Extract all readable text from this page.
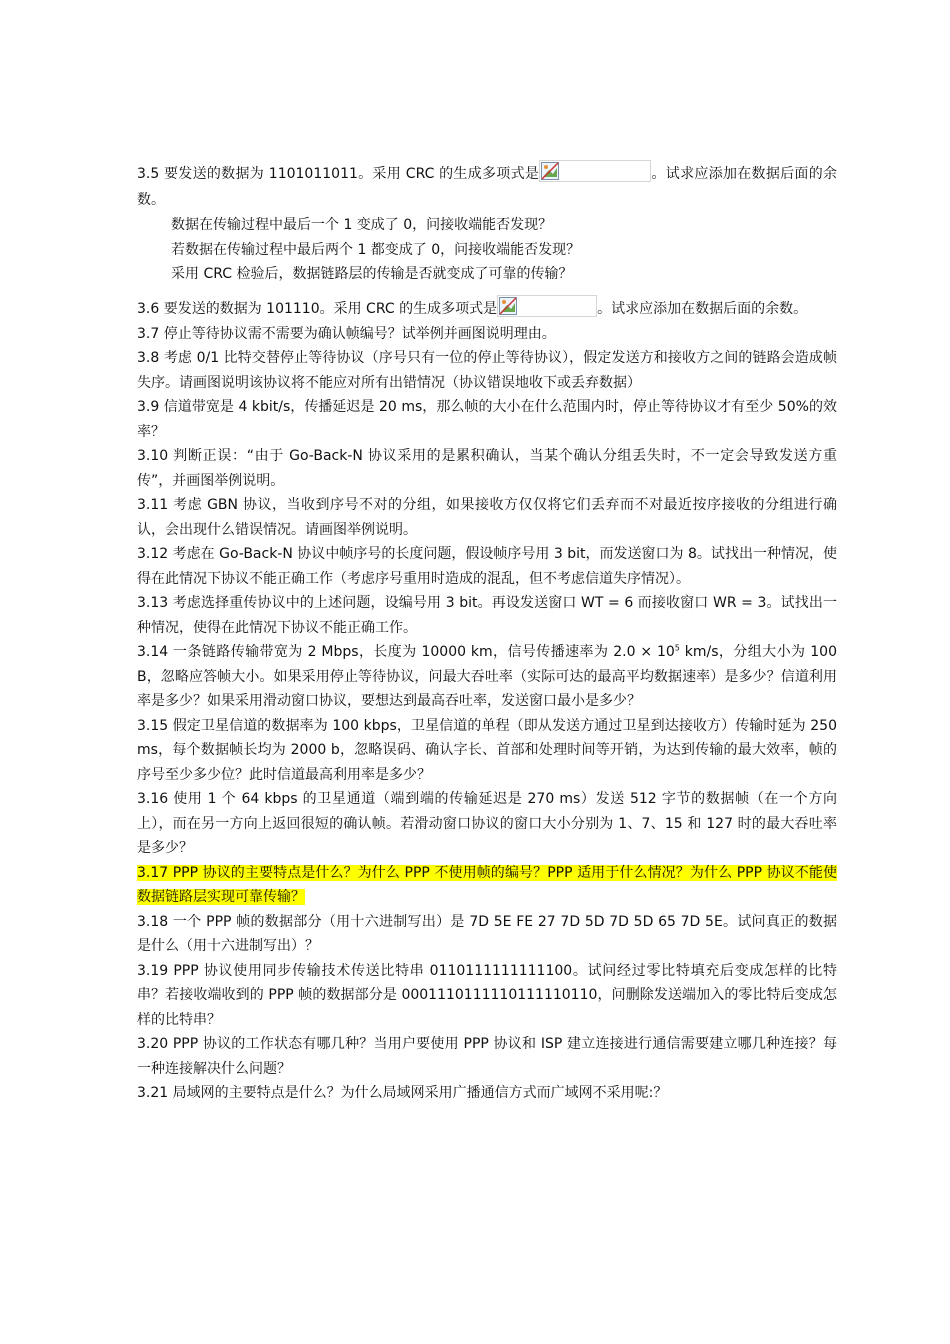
3.5 要发送的数据为 1101011011。采用 CRC 的生成多项式是	。试求应添加在数据后面的余数。

数据在传输过程中最后一个 1 变成了 0，问接收端能否发现？

若数据在传输过程中最后两个 1 都变成了 0，问接收端能否发现？

采用 CRC 检验后，数据链路层的传输是否就变成了可靠的传输？

3.6 要发送的数据为 101110。采用 CRC 的生成多项式是	。试求应添加在数据后面的余数。

3.7 停止等待协议需不需要为确认帧编号？试举例并画图说明理由。

3.8 考虑 0/1 比特交替停止等待协议（序号只有一位的停止等待协议），假定发送方和接收方之间的链路会造成帧失序。请画图说明该协议将不能应对所有出错情况（协议错误地收下或丢弃数据）

3.9 信道带宽是 4 kbit/s，传播延迟是 20 ms，那么帧的大小在什么范围内时，停止等待协议才有至少 50%的效率？

3.10 判断正误：“由于 Go-Back-N 协议采用的是累积确认，当某个确认分组丢失时，不一定会导致发送方重传”，并画图举例说明。

3.11 考虑 GBN 协议，当收到序号不对的分组，如果接收方仅仅将它们丢弃而不对最近按序接收的分组进行确认，会出现什么错误情况。请画图举例说明。

3.12 考虑在 Go-Back-N 协议中帧序号的长度问题，假设帧序号用 3 bit，而发送窗口为 8。试找出一种情况，使得在此情况下协议不能正确工作（考虑序号重用时造成的混乱，但不考虑信道失序情况）。

3.13 考虑选择重传协议中的上述问题，设编号用 3 bit。再设发送窗口 WT = 6 而接收窗口 WR = 3。试找出一种情况，使得在此情况下协议不能正确工作。

3.14 一条链路传输带宽为 2 Mbps，长度为 10000 km，信号传播速率为 $2.0 \times 10^5$ km/s，分组大小为 100 B，忽略应答帧大小。如果采用停止等待协议，问最大吞吐率（实际可达的最高平均数据速率）是多少？信道利用率是多少？如果采用滑动窗口协议，要想达到最高吞吐率，发送窗口最小是多少？

3.15 假定卫星信道的数据率为 100 kbps，卫星信道的单程（即从发送方通过卫星到达接收方）传输时延为 250 ms，每个数据帧长均为 2000 b，忽略误码、确认字长、首部和处理时间等开销，为达到传输的最大效率，帧的序号至少多少位？此时信道最高利用率是多少？

3.16 使用 1 个 64 kbps 的卫星通道（端到端的传输延迟是 270 ms）发送 512 字节的数据帧（在一个方向上），而在另一方向上返回很短的确认帧。若滑动窗口协议的窗口大小分别为 1、7、15 和 127 时的最大吞吐率是多少？

3.17 PPP 协议的主要特点是什么？为什么 PPP 不使用帧的编号？PPP 适用于什么情况？为什么 PPP 协议不能使数据链路层实现可靠传输？

3.18 一个 PPP 帧的数据部分（用十六进制写出）是 7D 5E FE 27 7D 5D 7D 5D 65 7D 5E。试问真正的数据是什么（用十六进制写出）？

3.19 PPP 协议使用同步传输技术传送比特串 0110111111111100。试问经过零比特填充后变成怎样的比特串？若接收端收到的 PPP 帧的数据部分是 0001110111110111110110，问删除发送端加入的零比特后变成怎样的比特串？

3.20 PPP 协议的工作状态有哪几种？当用户要使用 PPP 协议和 ISP 建立连接进行通信需要建立哪几种连接？每一种连接解决什么问题？

3.21 局域网的主要特点是什么？为什么局域网采用广播通信方式而广域网不采用呢:？
